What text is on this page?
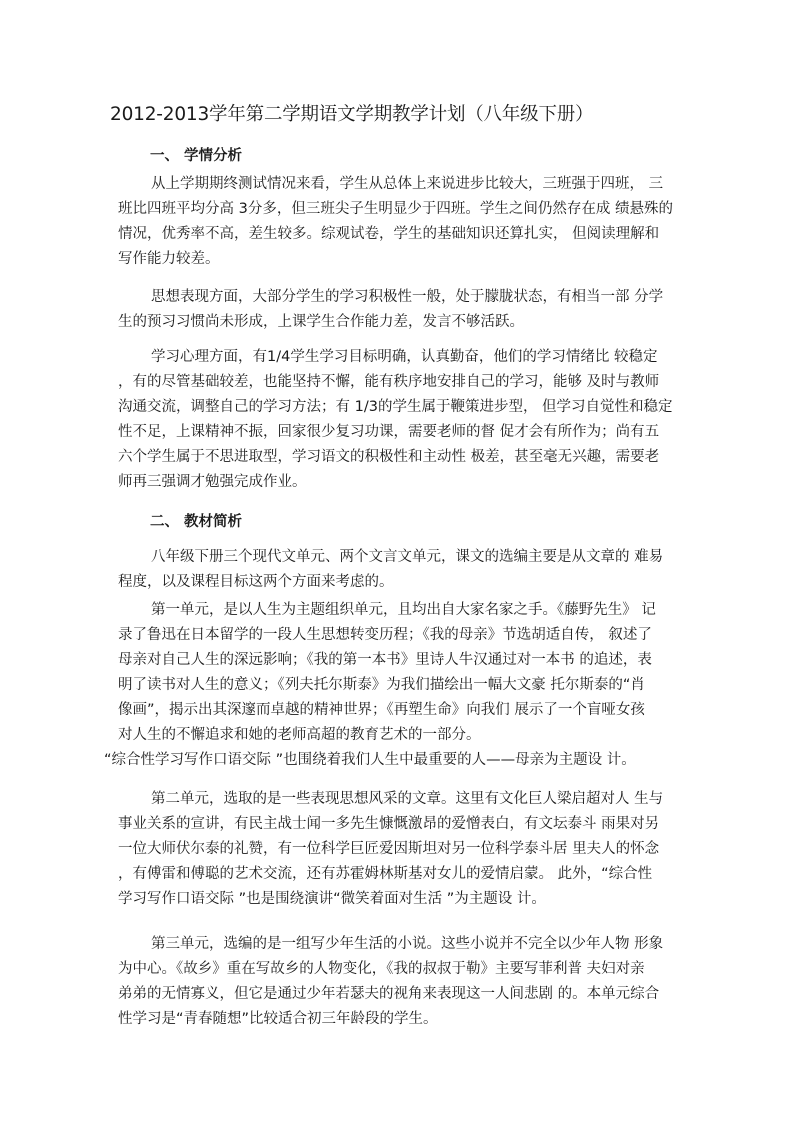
2012-2013学年第二学期语文学期教学计划（八年级下册）
一、 学情分析
从上学期期终测试情况来看，学生从总体上来说进步比较大，三班强于四班， 三
班比四班平均分高 3分多，但三班尖子生明显少于四班。学生之间仍然存在成 绩悬殊的
情况，优秀率不高，差生较多。综观试卷，学生的基础知识还算扎实， 但阅读理解和
写作能力较差。
思想表现方面，大部分学生的学习积极性一般，处于朦胧状态，有相当一部 分学
生的预习习惯尚未形成，上课学生合作能力差，发言不够活跃。
学习心理方面，有1/4学生学习目标明确，认真勤奋，他们的学习情绪比 较稳定
，有的尽管基础较差，也能坚持不懈，能有秩序地安排自己的学习，能够 及时与教师
沟通交流，调整自己的学习方法；有 1/3的学生属于鞭策进步型， 但学习自觉性和稳定
性不足，上课精神不振，回家很少复习功课，需要老师的督 促才会有所作为；尚有五
六个学生属于不思进取型，学习语文的积极性和主动性 极差，甚至毫无兴趣，需要老
师再三强调才勉强完成作业。
二、 教材简析
八年级下册三个现代文单元、两个文言文单元，课文的选编主要是从文章的 难易
程度，以及课程目标这两个方面来考虑的。
第一单元，是以人生为主题组织单元，且均出自大家名家之手。《藤野先生》 记
录了鲁迅在日本留学的一段人生思想转变历程；《我的母亲》节选胡适自传， 叙述了
母亲对自己人生的深远影响；《我的第一本书》里诗人牛汉通过对一本书 的追述，表
明了读书对人生的意义；《列夫托尔斯泰》为我们描绘出一幅大文豪 托尔斯泰的“肖
像画”，揭示出其深邃而卓越的精神世界；《再塑生命》向我们 展示了一个盲哑女孩
对人生的不懈追求和她的老师高超的教育艺术的一部分。
“综合性学习写作口语交际 ”也围绕着我们人生中最重要的人——母亲为主题设 计。
第二单元，选取的是一些表现思想风采的文章。这里有文化巨人梁启超对人 生与
事业关系的宣讲，有民主战士闻一多先生慷慨激昂的爱憎表白，有文坛泰斗 雨果对另
一位大师伏尔泰的礼赞，有一位科学巨匠爱因斯坦对另一位科学泰斗居 里夫人的怀念
，有傅雷和傅聪的艺术交流，还有苏霍姆林斯基对女儿的爱情启蒙。 此外，“综合性
学习写作口语交际 ”也是围绕演讲“微笑着面对生活 ”为主题设 计。
第三单元，选编的是一组写少年生活的小说。这些小说并不完全以少年人物 形象
为中心。《故乡》重在写故乡的人物变化，《我的叔叔于勒》主要写菲利普 夫妇对亲
弟弟的无情寡义，但它是通过少年若瑟夫的视角来表现这一人间悲剧 的。本单元综合
性学习是“青春随想”比较适合初三年龄段的学生。
